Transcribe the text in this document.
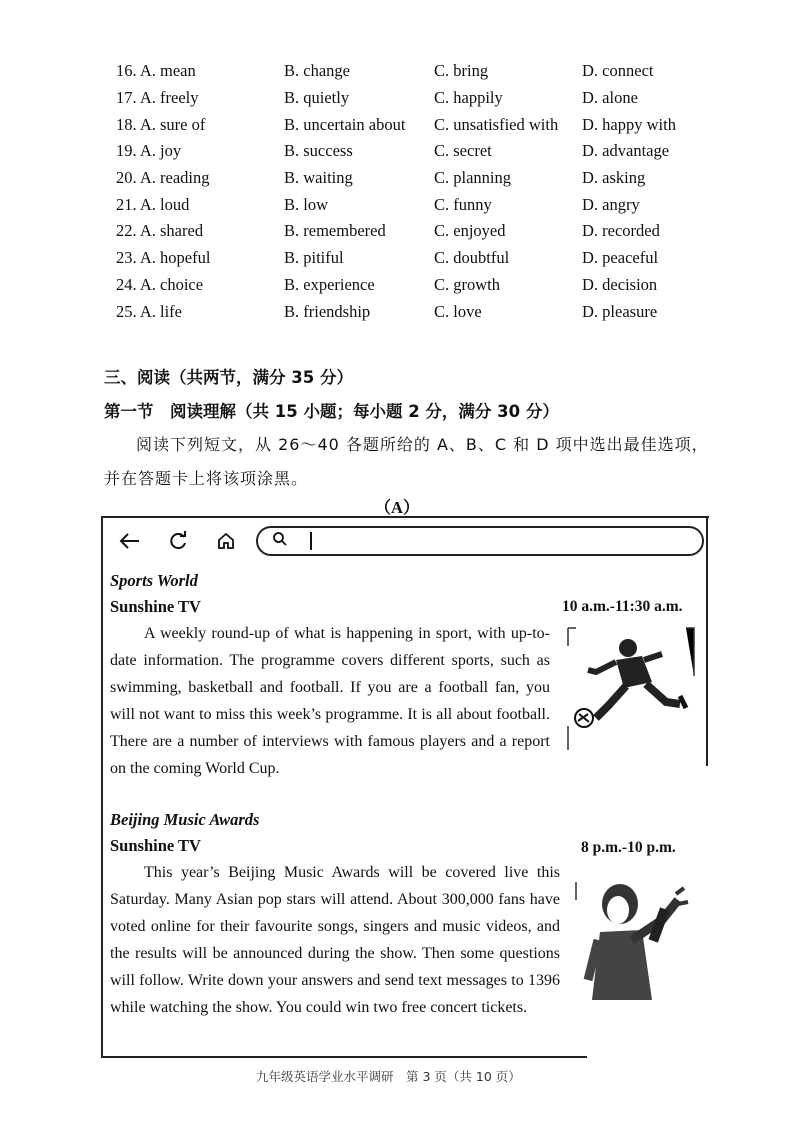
16. A. mean	B. change	C. bring	D. connect
17. A. freely	B. quietly	C. happily	D. alone
18. A. sure of	B. uncertain about	C. unsatisfied with	D. happy with
19. A. joy	B. success	C. secret	D. advantage
20. A. reading	B. waiting	C. planning	D. asking
21. A. loud	B. low	C. funny	D. angry
22. A. shared	B. remembered	C. enjoyed	D. recorded
23. A. hopeful	B. pitiful	C. doubtful	D. peaceful
24. A. choice	B. experience	C. growth	D. decision
25. A. life	B. friendship	C. love	D. pleasure
三、阅读（共两节，满分 35 分）
第一节　阅读理解（共 15 小题；每小题 2 分，满分 30 分）
阅读下列短文，从 26～40 各题所给的 A、B、C 和 D 项中选出最佳选项，并在答题卡上将该项涂黑。
（A）
Sports World
Sunshine TV	10 a.m.-11:30 a.m.
A weekly round-up of what is happening in sport, with up-to-date information. The programme covers different sports, such as swimming, basketball and football. If you are a football fan, you will not want to miss this week’s programme. It is all about football. There are a number of interviews with famous players and a report on the coming World Cup.
Beijing Music Awards
Sunshine TV	8 p.m.-10 p.m.
This year’s Beijing Music Awards will be covered live this Saturday. Many Asian pop stars will attend. About 300,000 fans have voted online for their favourite songs, singers and music videos, and the results will be announced during the show. Then some questions will follow. Write down your answers and send text messages to 1396 while watching the show. You could win two free concert tickets.
九年级英语学业水平调研　第 3 页（共 10 页）
